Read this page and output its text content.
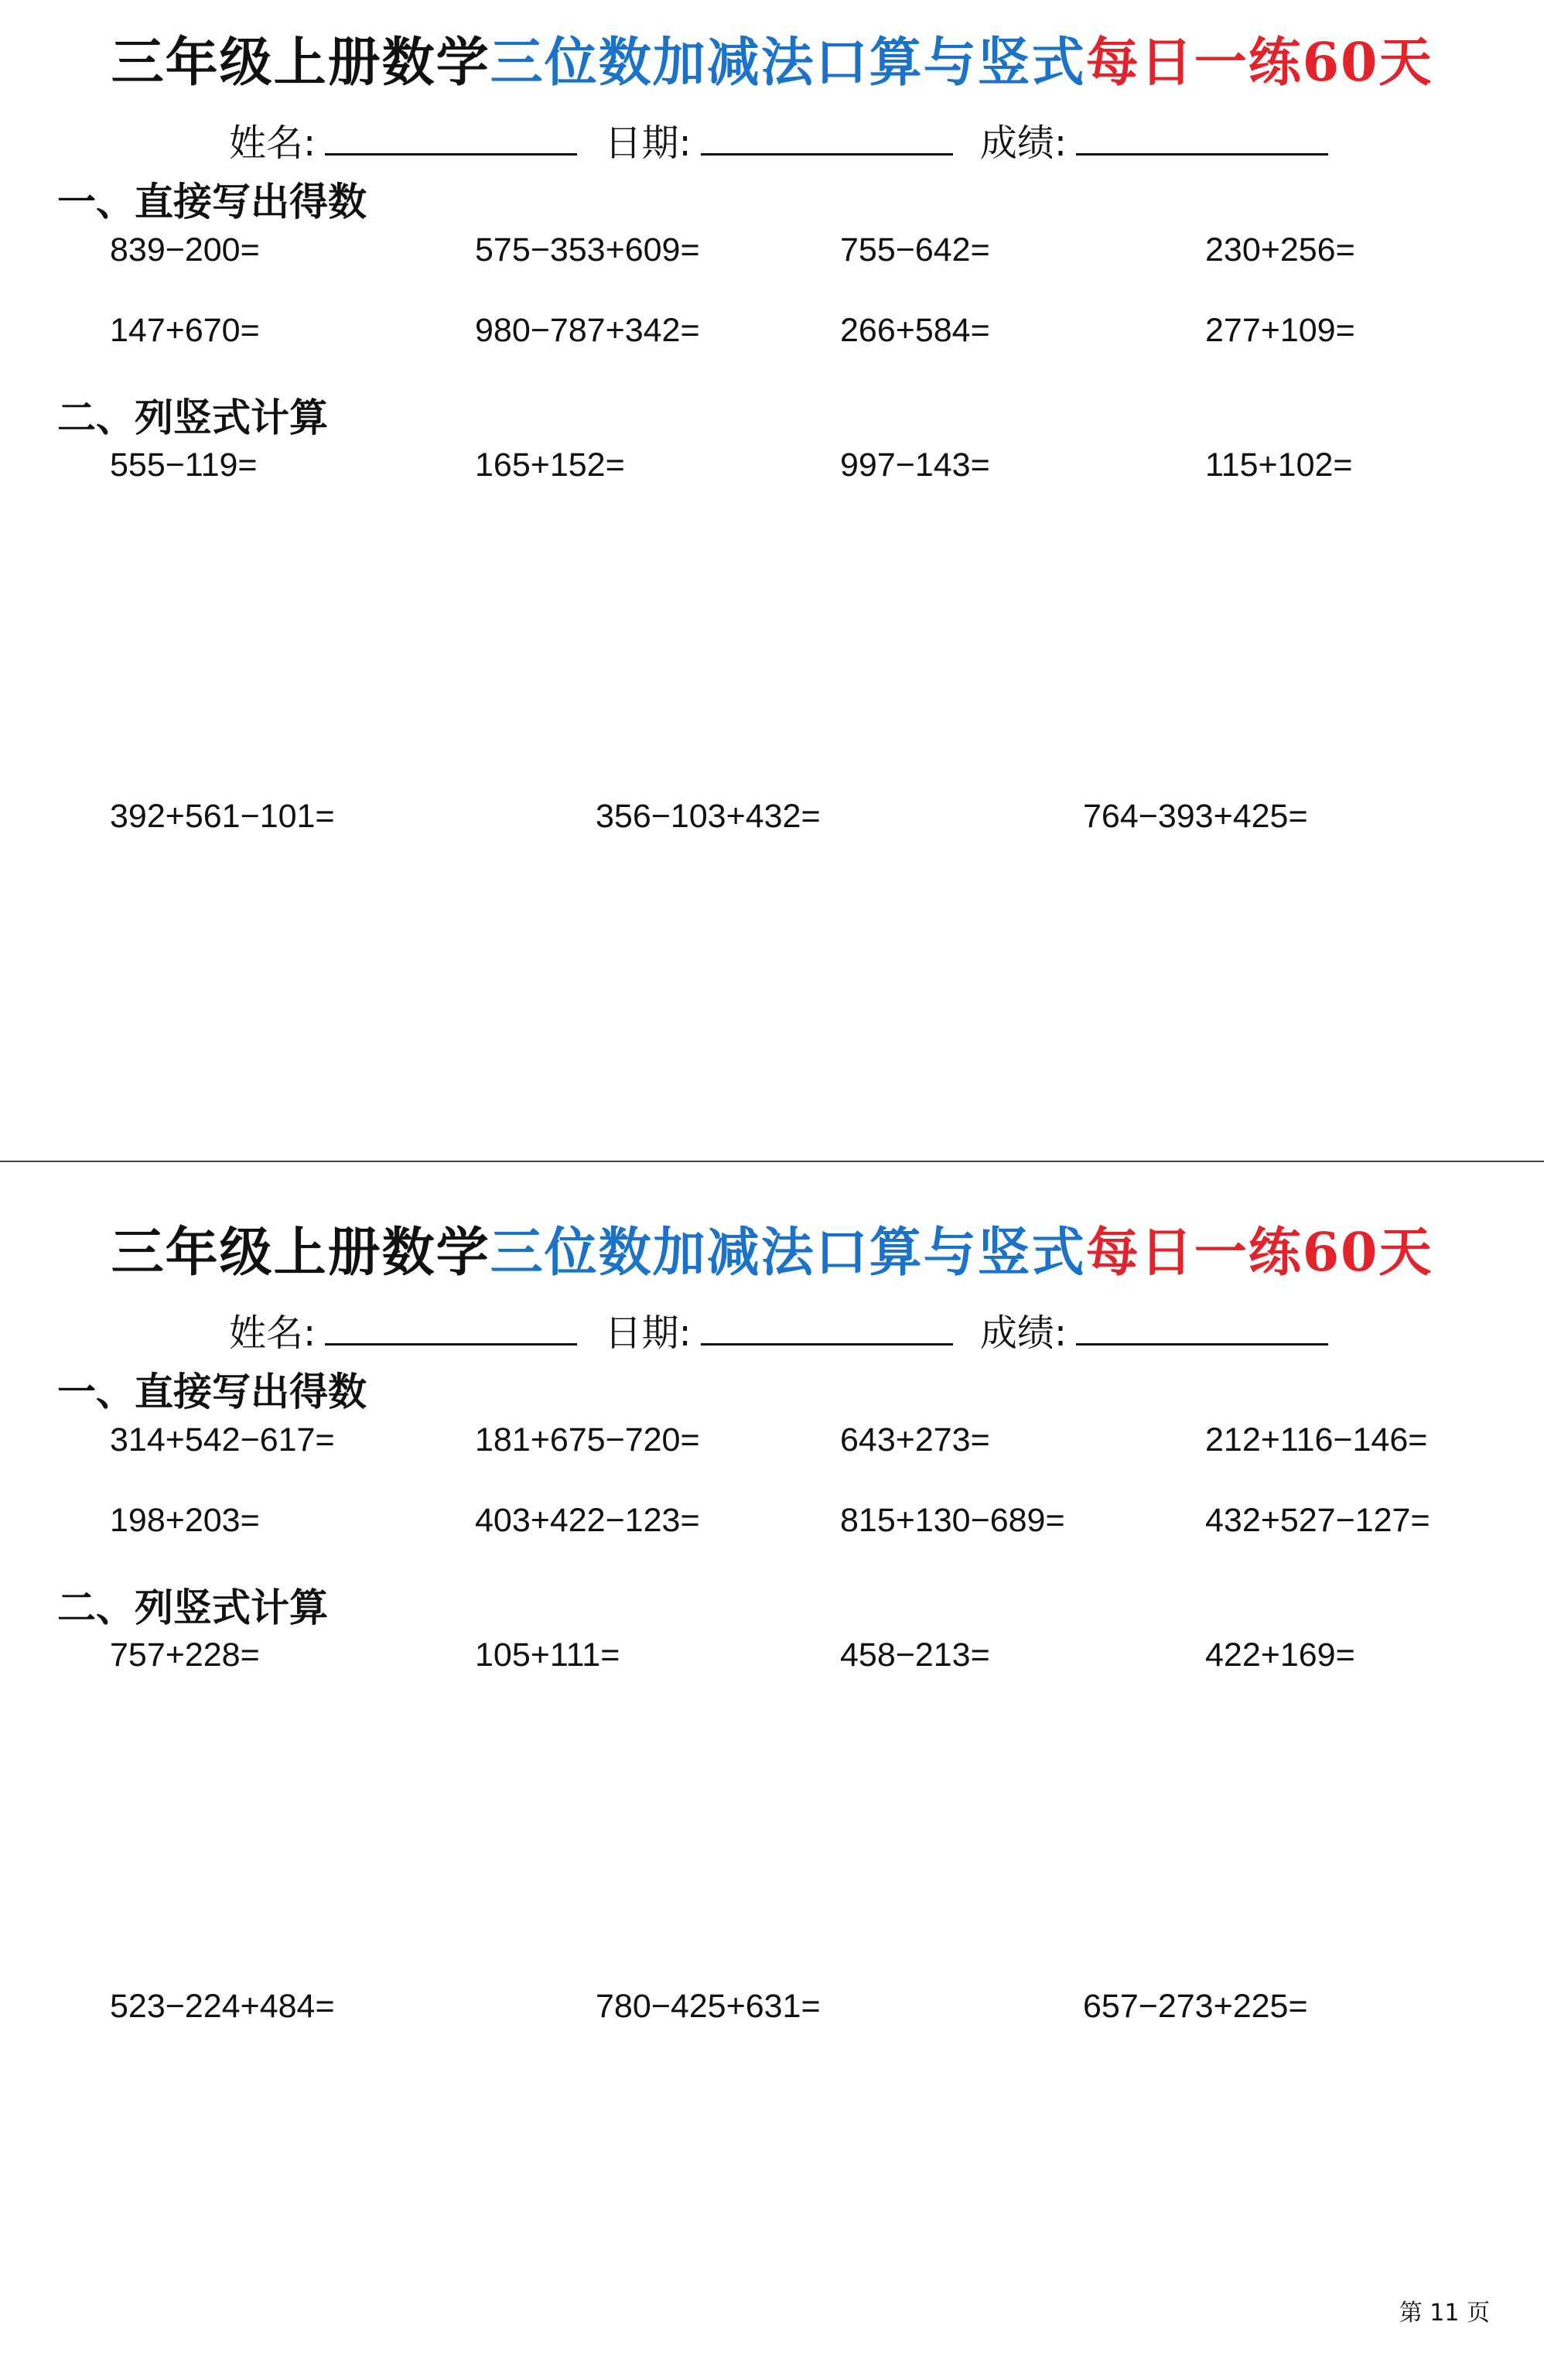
三年级上册数学三位数加减法口算与竖式每日一练60天
姓名:	日期:	成绩:
一、直接写出得数
839−200=	575−353+609=	755−642=	230+256=
147+670=	980−787+342=	266+584=	277+109=
二、列竖式计算
555−119=	165+152=	997−143=	115+102=
392+561−101=	356−103+432=	764−393+425=
三年级上册数学三位数加减法口算与竖式每日一练60天
姓名:	日期:	成绩:
一、直接写出得数
314+542−617=	181+675−720=	643+273=	212+116−146=
198+203=	403+422−123=	815+130−689=	432+527−127=
二、列竖式计算
757+228=	105+111=	458−213=	422+169=
523−224+484=	780−425+631=	657−273+225=
第 11 页
